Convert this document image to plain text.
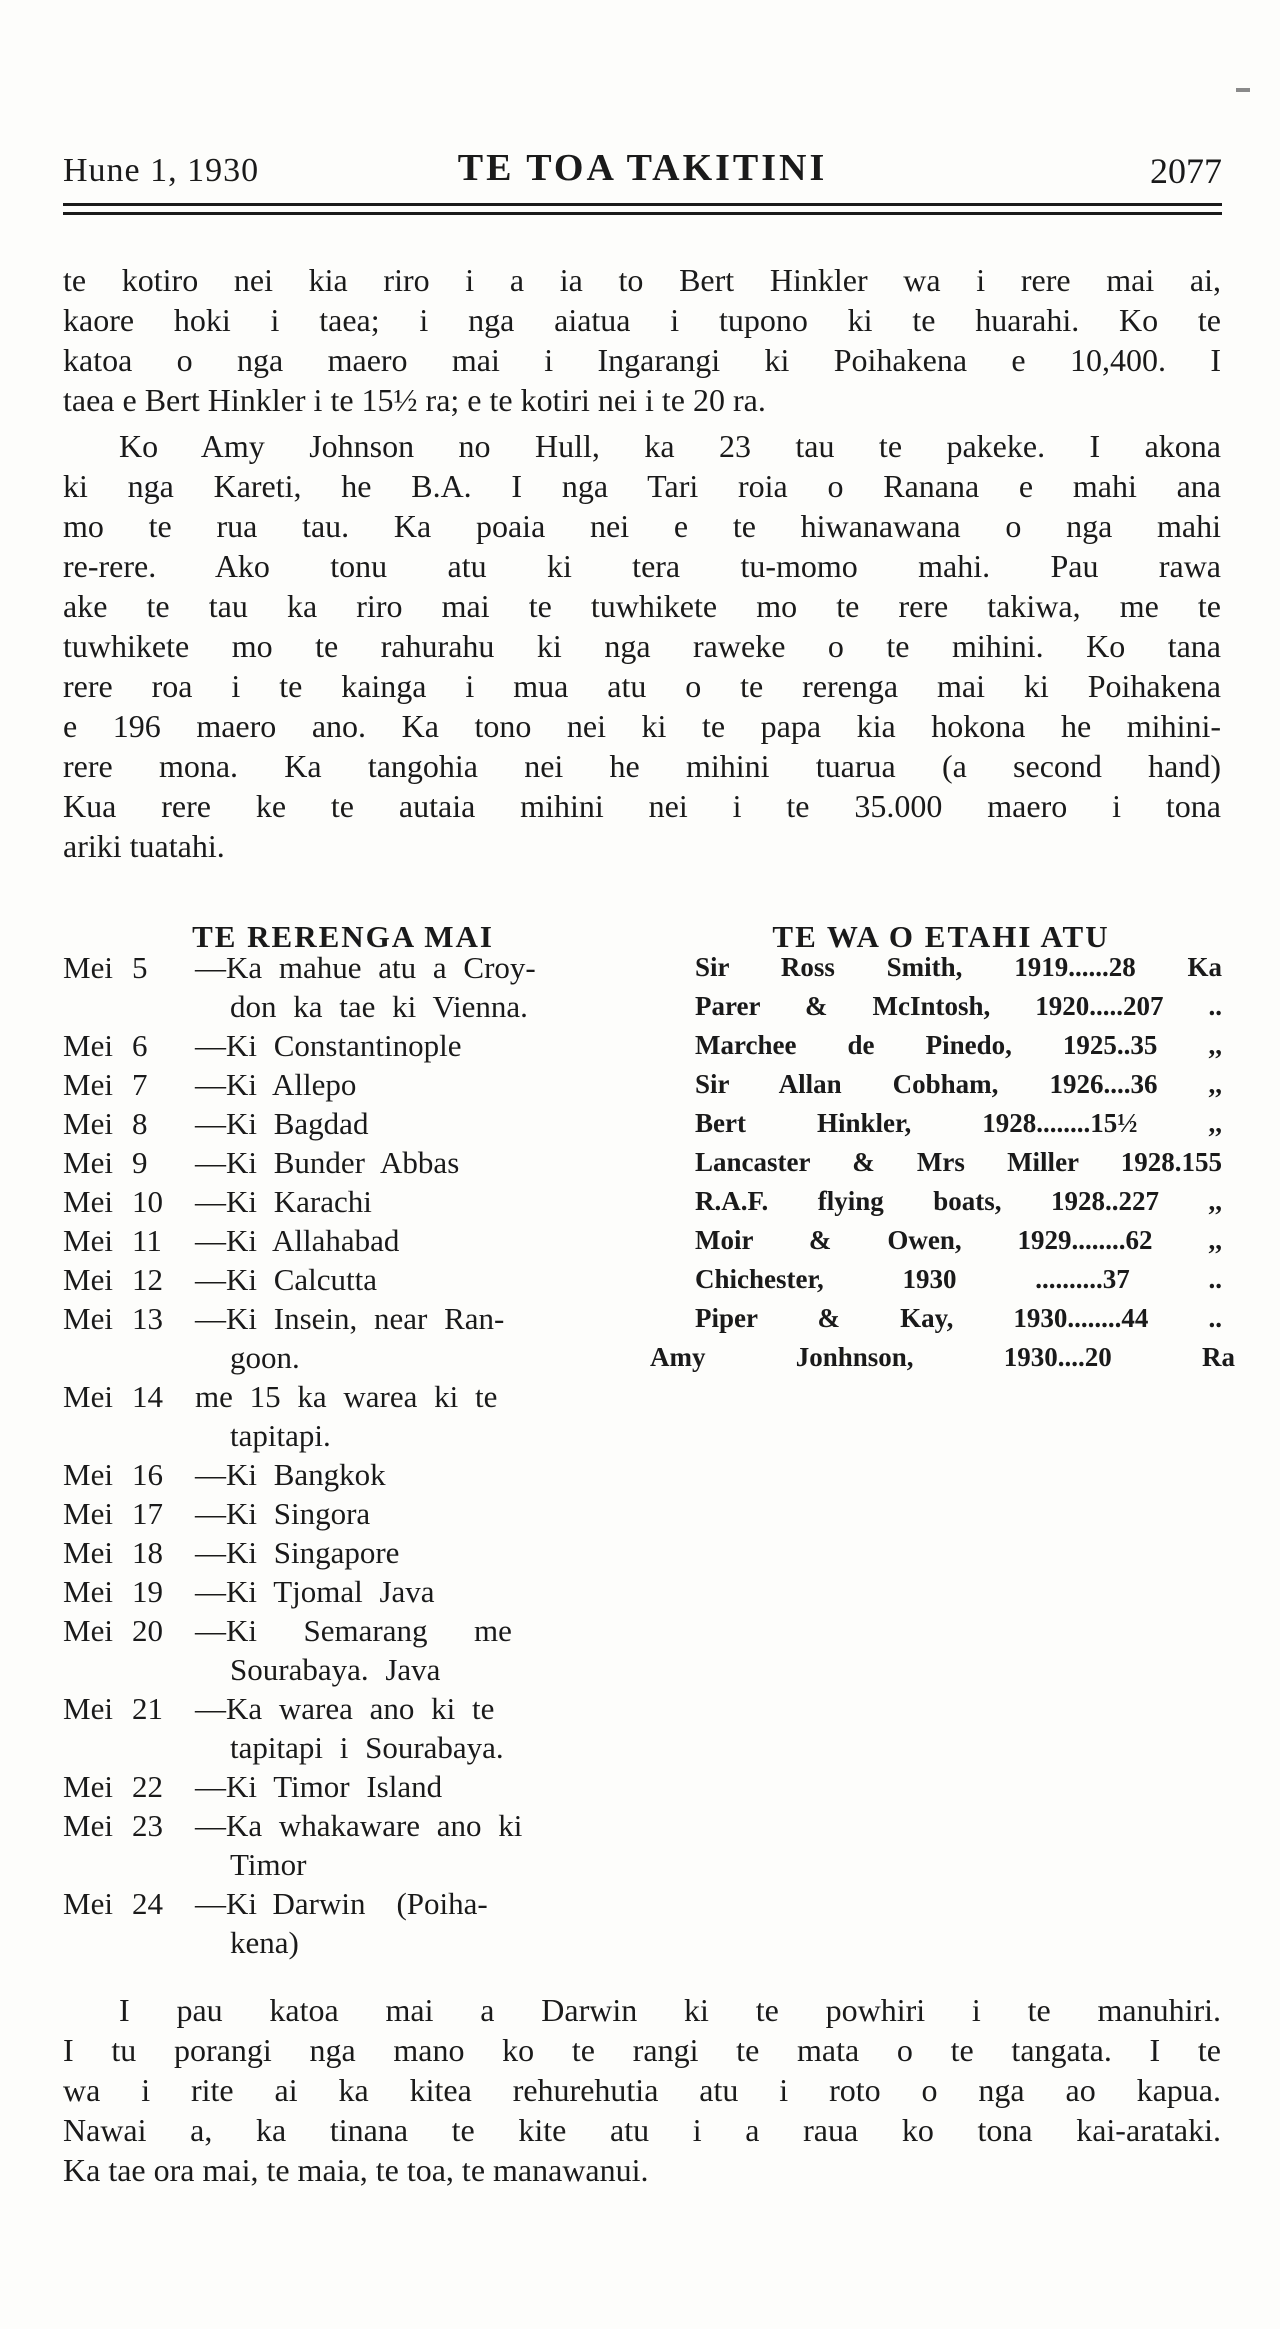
Hune 1, 1930	TE TOA TAKITINI	2077
te kotiro nei kia riro i a ia to Bert Hinkler wa i rere mai ai,
kaore hoki i taea; i nga aiatua i tupono ki te huarahi. Ko te
katoa o nga maero mai i Ingarangi ki Poihakena e 10,400. I
taea e Bert Hinkler i te 15½ ra; e te kotiri nei i te 20 ra.
Ko Amy Johnson no Hull, ka 23 tau te pakeke. I akona
ki nga Kareti, he B.A. I nga Tari roia o Ranana e mahi ana
mo te rua tau. Ka poaia nei e te hiwanawana o nga mahi
re-rere. Ako tonu atu ki tera tu-momo mahi. Pau rawa
ake te tau ka riro mai te tuwhikete mo te rere takiwa, me te
tuwhikete mo te rahurahu ki nga raweke o te mihini. Ko tana
rere roa i te kainga i mua atu o te rerenga mai ki Poihakena
e 196 maero ano. Ka tono nei ki te papa kia hokona he mihini-
rere mona. Ka tangohia nei he mihini tuarua (a second hand)
Kua rere ke te autaia mihini nei i te 35.000 maero i tona
ariki tuatahi.
TE RERENGA MAI	TE WA O ETAHI ATU
Mei 5 —Ka mahue atu a Croy-
don ka tae ki Vienna.
Mei 6 —Ki Constantinople
Mei 7 —Ki Allepo
Mei 8 —Ki Bagdad
Mei 9 —Ki Bunder Abbas
Mei 10 —Ki Karachi
Mei 11 —Ki Allahabad
Mei 12 —Ki Calcutta
Mei 13 —Ki Insein, near Ran-
goon.
Mei 14 me 15 ka warea ki te
tapitapi.
Mei 16 —Ki Bangkok
Mei 17 —Ki Singora
Mei 18 —Ki Singapore
Mei 19 —Ki Tjomal Java
Mei 20 —Ki  Semarang  me
Sourabaya. Java
Mei 21 —Ka warea ano ki te
tapitapi i Sourabaya.
Mei 22 —Ki Timor Island
Mei 23 —Ka whakaware ano ki
Timor
Mei 24 —Ki Darwin (Poiha-
kena)
Sir Ross Smith, 1919......28 Ka
Parer & McIntosh, 1920.....207 ..
Marchee de Pinedo, 1925..35 ,,
Sir Allan Cobham, 1926....36 ,,
Bert Hinkler, 1928........15½ ,,
Lancaster & Mrs Miller 1928.155
R.A.F. flying boats, 1928..227 ,,
Moir & Owen, 1929........62 ,,
Chichester, 1930 ..........37 ..
Piper & Kay, 1930........44 ..
Amy Jonhnson, 1930....20 Ra
I pau katoa mai a Darwin ki te powhiri i te manuhiri.
I tu porangi nga mano ko te rangi te mata o te tangata. I te
wa i rite ai ka kitea rehurehutia atu i roto o nga ao kapua.
Nawai a, ka tinana te kite atu i a raua ko tona kai-arataki.
Ka tae ora mai, te maia, te toa, te manawanui.
